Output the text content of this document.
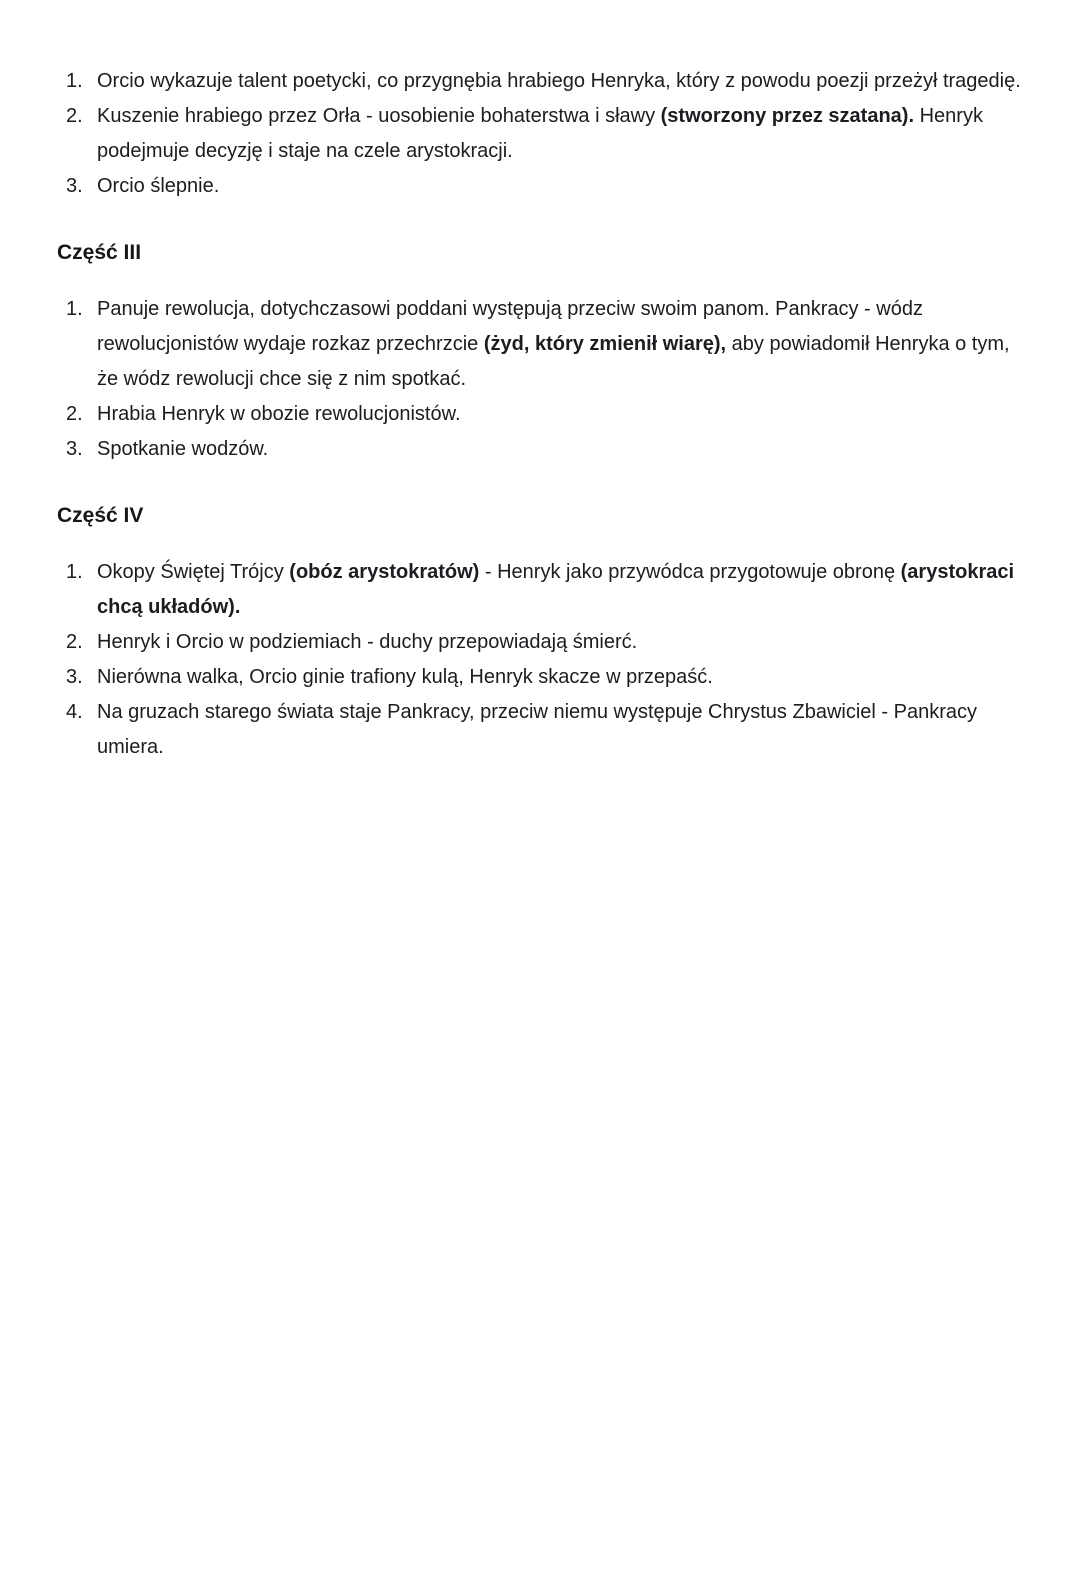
1. Orcio wykazuje talent poetycki, co przygnębia hrabiego Henryka, który z powodu poezji przeżył tragedię.
2. Kuszenie hrabiego przez Orła - uosobienie bohaterstwa i sławy (stworzony przez szatana). Henryk podejmuje decyzję i staje na czele arystokracji.
3. Orcio ślepnie.
Część III
1. Panuje rewolucja, dotychczasowi poddani występują przeciw swoim panom. Pankracy - wódz rewolucjonistów wydaje rozkaz przechrzcie (żyd, który zmienił wiarę), aby powiadomił Henryka o tym, że wódz rewolucji chce się z nim spotkać.
2. Hrabia Henryk w obozie rewolucjonistów.
3. Spotkanie wodzów.
Część IV
1. Okopy Świętej Trójcy (obóz arystokratów) - Henryk jako przywódca przygotowuje obronę (arystokraci chcą układów).
2. Henryk i Orcio w podziemiach - duchy przepowiadają śmierć.
3. Nierówna walka, Orcio ginie trafiony kulą, Henryk skacze w przepaść.
4. Na gruzach starego świata staje Pankracy, przeciw niemu występuje Chrystus Zbawiciel - Pankracy umiera.
